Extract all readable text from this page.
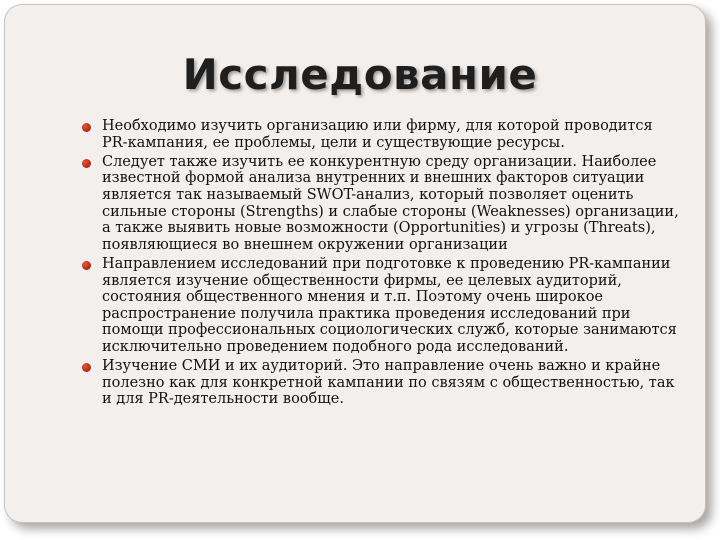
Исследование
Необходимо изучить организацию или фирму, для которой проводится PR-кампания, ее проблемы, цели и существующие ресурсы.
Следует также изучить ее конкурентную среду организации. Наиболее известной формой анализа внутренних и внешних факторов ситуации является так называемый SWOT-анализ, который позволяет оценить сильные стороны (Strengths) и слабые стороны (Weaknesses) организации, а также выявить новые возможности (Opportunities) и угрозы (Threats), появляющиеся во внешнем окружении организации
Направлением исследований при подготовке к проведению PR-кампании является изучение общественности фирмы, ее целевых аудиторий, состояния общественного мнения и т.п. Поэтому очень широкое распространение получила практика проведения исследований при помощи профессиональных социологических служб, которые занимаются исключительно проведением подобного рода исследований.
Изучение СМИ и их аудиторий. Это направление очень важно и крайне полезно как для конкретной кампании по связям с общественностью, так и для PR-деятельности вообще.
